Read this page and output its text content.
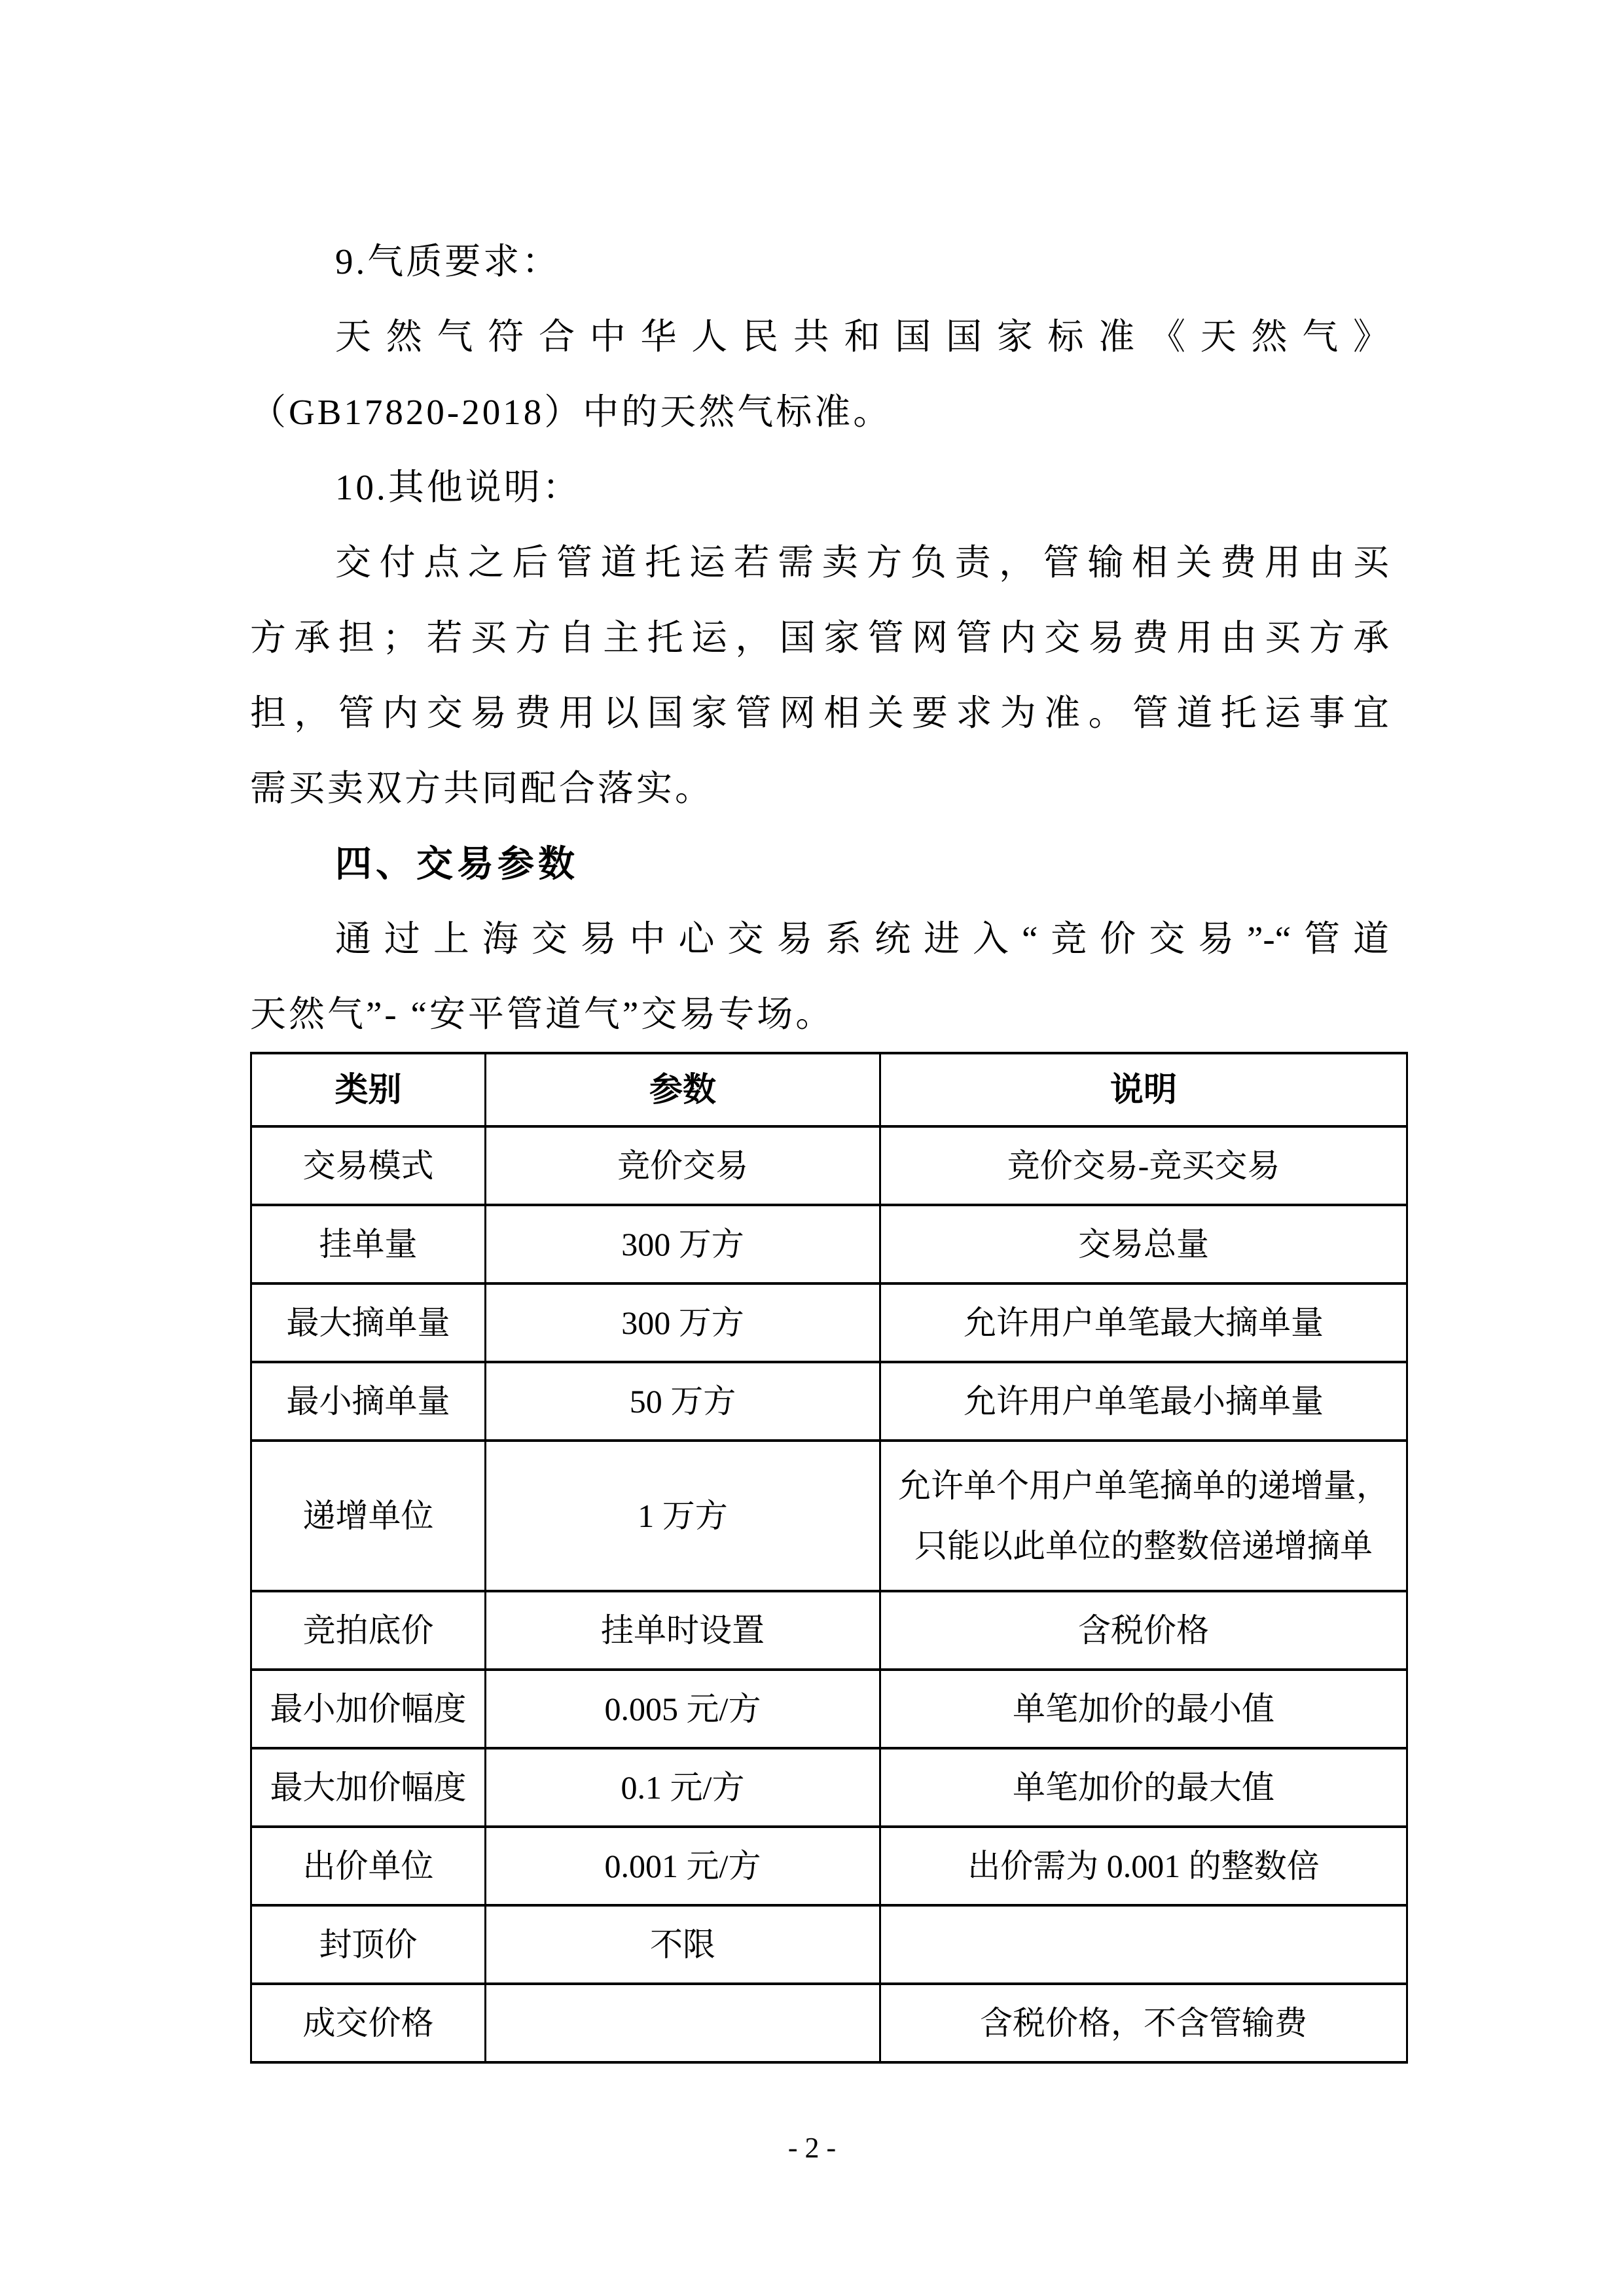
9.气质要求：
天然气符合中华人民共和国国家标准《天然气》
（GB17820-2018）中的天然气标准。
10.其他说明：
交付点之后管道托运若需卖方负责，管输相关费用由买
方承担；若买方自主托运，国家管网管内交易费用由买方承
担，管内交易费用以国家管网相关要求为准。管道托运事宜
需买卖双方共同配合落实。
四、交易参数
通过上海交易中心交易系统进入“竞价交易”-“管道
天然气”- “安平管道气”交易专场。
类别	参数	说明
交易模式	竞价交易	竞价交易-竞买交易
挂单量	300 万方	交易总量
最大摘单量	300 万方	允许用户单笔最大摘单量
最小摘单量	50 万方	允许用户单笔最小摘单量
递增单位	1 万方	允许单个用户单笔摘单的递增量，只能以此单位的整数倍递增摘单
竞拍底价	挂单时设置	含税价格
最小加价幅度	0.005 元/方	单笔加价的最小值
最大加价幅度	0.1 元/方	单笔加价的最大值
出价单位	0.001 元/方	出价需为 0.001 的整数倍
封顶价	不限	
成交价格		含税价格，不含管输费
- 2 -
